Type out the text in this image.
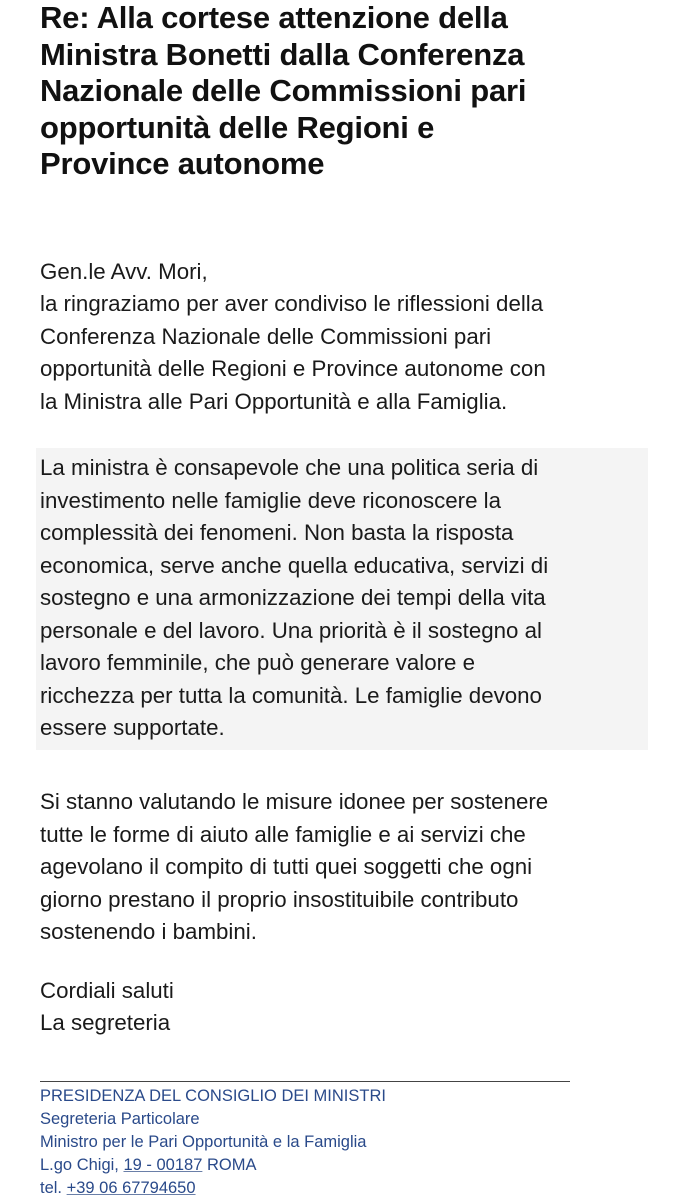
Re: Alla cortese attenzione della
Ministra Bonetti dalla Conferenza
Nazionale delle Commissioni pari
opportunità delle Regioni e
Province autonome

Gen.le Avv. Mori,

la ringraziamo per aver condiviso le riflessioni della
Conferenza Nazionale delle Commissioni pari
opportunità delle Regioni e Province autonome con
la Ministra alle Pari Opportunità e alla Famiglia.
La ministra è consapevole che una politica seria di
investimento nelle famiglie deve riconoscere la
complessità dei fenomeni. Non basta la risposta
economica, serve anche quella educativa, servizi di
sostegno e una armonizzazione dei tempi della vita
personale e del lavoro. Una priorità è il sostegno al
lavoro femminile, che può generare valore e
ricchezza per tutta la comunità. Le famiglie devono
essere supportate.
Si stanno valutando le misure idonee per sostenere
tutte le forme di aiuto alle famiglie e ai servizi che
agevolano il compito di tutti quei soggetti che ogni
giorno prestano il proprio insostituibile contributo
sostenendo i bambini.

Cordiali saluti

La segreteria

PRESIDENZA DEL CONSIGLIO DEI MINISTRI

Segreteria Particolare

Ministro per le Pari Opportunità e la Famiglia

L.go Chigi, 19 - 00187 ROMA

tel. +39 06 67794650
